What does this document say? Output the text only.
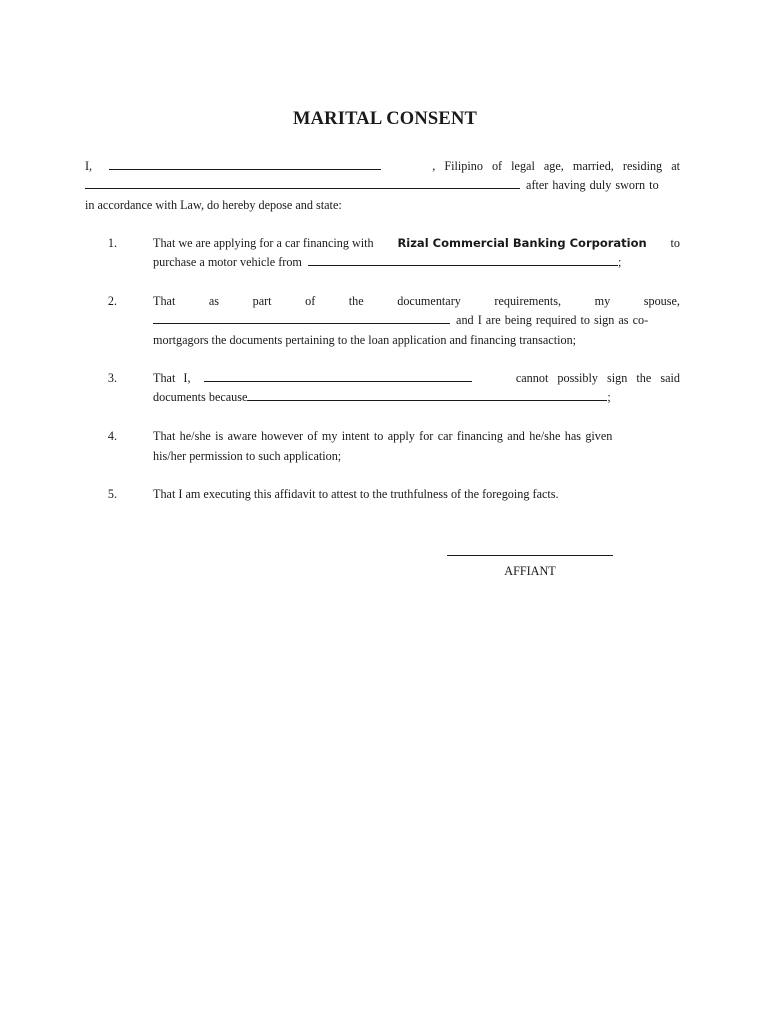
MARITAL CONSENT
I,	, Filipino of legal age, married, residing at
after having duly sworn to
in accordance with Law, do hereby depose and state:
1.	That we are applying for a car financing with Rizal Commercial Banking Corporation to
purchase a motor vehicle from	;
2.	That	as	part	of	the	documentary	requirements,	my	spouse,
and I are being required to sign as co-
mortgagors the documents pertaining to the loan application and financing transaction;
3.	That I,	cannot possibly sign the said
documents because	;
4.	That he/she is aware however of my intent to apply for car financing and he/she has given
his/her permission to such application;
5.	That I am executing this affidavit to attest to the truthfulness of the foregoing facts.
AFFIANT
